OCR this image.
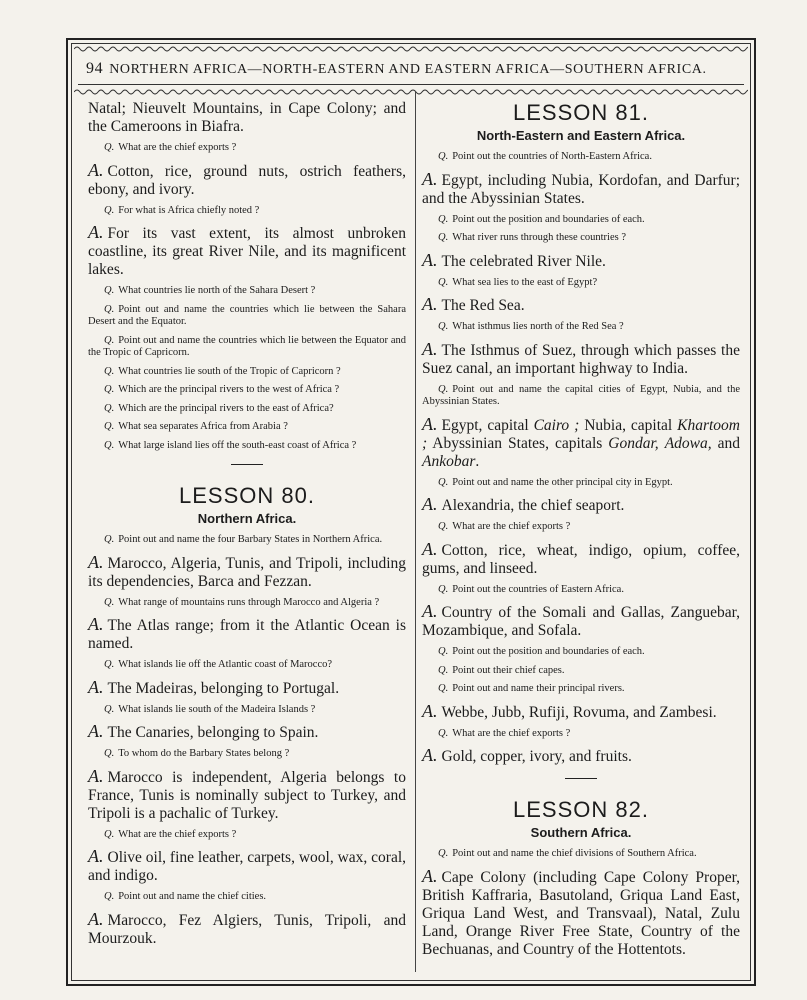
94 NORTHERN AFRICA—NORTH-EASTERN AND EASTERN AFRICA—SOUTHERN AFRICA.

Natal; Nieuvelt Mountains, in Cape Colony; and the Cameroons in Biafra.

Q. What are the chief exports ?

A. Cotton, rice, ground nuts, ostrich feathers, ebony, and ivory.

Q. For what is Africa chiefly noted ?

A. For its vast extent, its almost unbroken coastline, its great River Nile, and its magnificent lakes.

Q. What countries lie north of the Sahara Desert ?

Q. Point out and name the countries which lie between the Sahara Desert and the Equator.

Q. Point out and name the countries which lie between the Equator and the Tropic of Capricorn.

Q. What countries lie south of the Tropic of Capricorn ?

Q. Which are the principal rivers to the west of Africa ?

Q. Which are the principal rivers to the east of Africa?

Q. What sea separates Africa from Arabia ?

Q. What large island lies off the south-east coast of Africa ?

LESSON 80.
Northern Africa.

Q. Point out and name the four Barbary States in Northern Africa.

A. Marocco, Algeria, Tunis, and Tripoli, including its dependencies, Barca and Fezzan.

Q. What range of mountains runs through Marocco and Algeria ?

A. The Atlas range; from it the Atlantic Ocean is named.

Q. What islands lie off the Atlantic coast of Marocco?

A. The Madeiras, belonging to Portugal.

Q. What islands lie south of the Madeira Islands ?

A. The Canaries, belonging to Spain.

Q. To whom do the Barbary States belong ?

A. Marocco is independent, Algeria belongs to France, Tunis is nominally subject to Turkey, and Tripoli is a pachalic of Turkey.

Q. What are the chief exports ?

A. Olive oil, fine leather, carpets, wool, wax, coral, and indigo.

Q. Point out and name the chief cities.

A. Marocco, Fez Algiers, Tunis, Tripoli, and Mourzouk.

LESSON 81.
North-Eastern and Eastern Africa.

Q. Point out the countries of North-Eastern Africa.

A. Egypt, including Nubia, Kordofan, and Darfur; and the Abyssinian States.

Q. Point out the position and boundaries of each.

Q. What river runs through these countries ?

A. The celebrated River Nile.

Q. What sea lies to the east of Egypt?

A. The Red Sea.

Q. What isthmus lies north of the Red Sea ?

A. The Isthmus of Suez, through which passes the Suez canal, an important highway to India.

Q. Point out and name the capital cities of Egypt, Nubia, and the Abyssinian States.

A. Egypt, capital Cairo ; Nubia, capital Khartoom ; Abyssinian States, capitals Gondar, Adowa, and Ankobar.

Q. Point out and name the other principal city in Egypt.

A. Alexandria, the chief seaport.

Q. What are the chief exports ?

A. Cotton, rice, wheat, indigo, opium, coffee, gums, and linseed.

Q. Point out the countries of Eastern Africa.

A. Country of the Somali and Gallas, Zanguebar, Mozambique, and Sofala.

Q. Point out the position and boundaries of each.

Q. Point out their chief capes.

Q. Point out and name their principal rivers.

A. Webbe, Jubb, Rufiji, Rovuma, and Zambesi.

Q. What are the chief exports ?

A. Gold, copper, ivory, and fruits.

LESSON 82.
Southern Africa.

Q. Point out and name the chief divisions of Southern Africa.

A. Cape Colony (including Cape Colony Proper, British Kaffraria, Basutoland, Griqua Land East, Griqua Land West, and Transvaal), Natal, Zulu Land, Orange River Free State, Country of the Bechuanas, and Country of the Hottentots.
